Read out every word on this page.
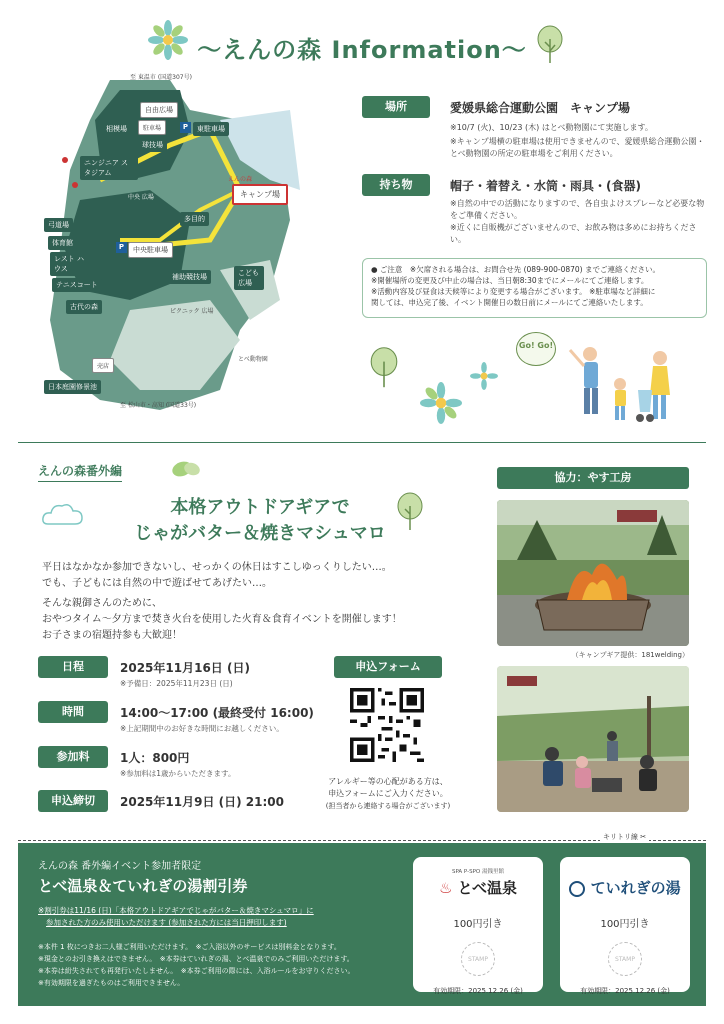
〜えんの森 Information〜
至 東温市 (国道307号)
自由広場
相模場	駐車場	P	東駐車場
球技場
ニンジニア スタジアム
弓道場
体育館
レスト ハウス
テニスコート
古代の森
多目的
キャンプ場
えんの森
中央 広場
P	中央駐車場
補助競技場	こども 広場
ピクニック 広場
とべ動物園
売店
日本庭園修景池
至 松山市・高知 (国道33号)
場所	愛媛県総合運動公園　キャンプ場
※10/7 (火)、10/23 (木) はとべ動物園にて実施します。
※キャンプ場横の駐車場は使用できませんので、愛媛県総合運動公園・とべ動物園の所定の駐車場をご利用ください。
持ち物	帽子・着替え・水筒・雨具・(食器)
※自然の中での活動になりますので、各自虫よけスプレーなど必要な物をご準備ください。
※近くに自販機がございませんので、お飲み物は多めにお持ちください。
● ご注意　※欠席される場合は、お問合せ先 (089-900-0870) までご連絡ください。
※開催場所の変更及び中止の場合は、当日朝8:30までにメールにてご連絡します。
※活動内容及び昼食は天候等により変更する場合がございます。 ※駐車場など詳細に
関しては、申込完了後、イベント開催日の数日前にメールにてご連絡いたします。
Go! Go!
えんの森番外編
本格アウトドアギアで
じゃがバター＆焼きマシュマロ
平日はなかなか参加できないし、せっかくの休日はすこしゆっくりしたい…。
でも、子どもには自然の中で遊ばせてあげたい…。
そんな親御さんのために、
おやつタイム〜夕方まで焚き火台を使用した火育＆食育イベントを開催します！
お子さまの宿題持参も大歓迎！
日程	2025年11月16日 (日)
※予備日：2025年11月23日 (日)
時間	14:00〜17:00 (最終受付 16:00)
※上記期間中のお好きな時間にお越しください。
参加料	1人：800円
※参加料は1歳からいただきます。
申込締切	2025年11月9日 (日) 21:00
申込フォーム
アレルギー等の心配がある方は、
申込フォームにご入力ください。
(担当者から連絡する場合がございます)
協力：やす工房
（キャンプギア提供：181welding）
キリトリ線 ✂
えんの森 番外編イベント参加者限定
とべ温泉＆ていれぎの湯割引券
※割引券は11/16 (日)「本格アウトドアギアでじゃがバター＆焼きマシュマロ」に
参加された方のみ使用いただけます (参加された方には当日押印します)
※本件 1 枚につきお二人様ご利用いただけます。　※ご入浴以外のサービスは別料金となります。
※現金とのお引き換えはできません。　※本券はていれぎの湯、とべ温泉でのみご利用いただけます。
※本券は紛失されても再発行いたしません。　※本券ご利用の際には、入浴ルールをお守りください。
※有効期限を過ぎたものはご利用できません。
SPA P-SPO 湯銭里館
♨ とべ温泉
100円引き
STAMP
有効期限：2025.12.26 (金)
ていれぎの湯
100円引き
STAMP
有効期限：2025.12.26 (金)
